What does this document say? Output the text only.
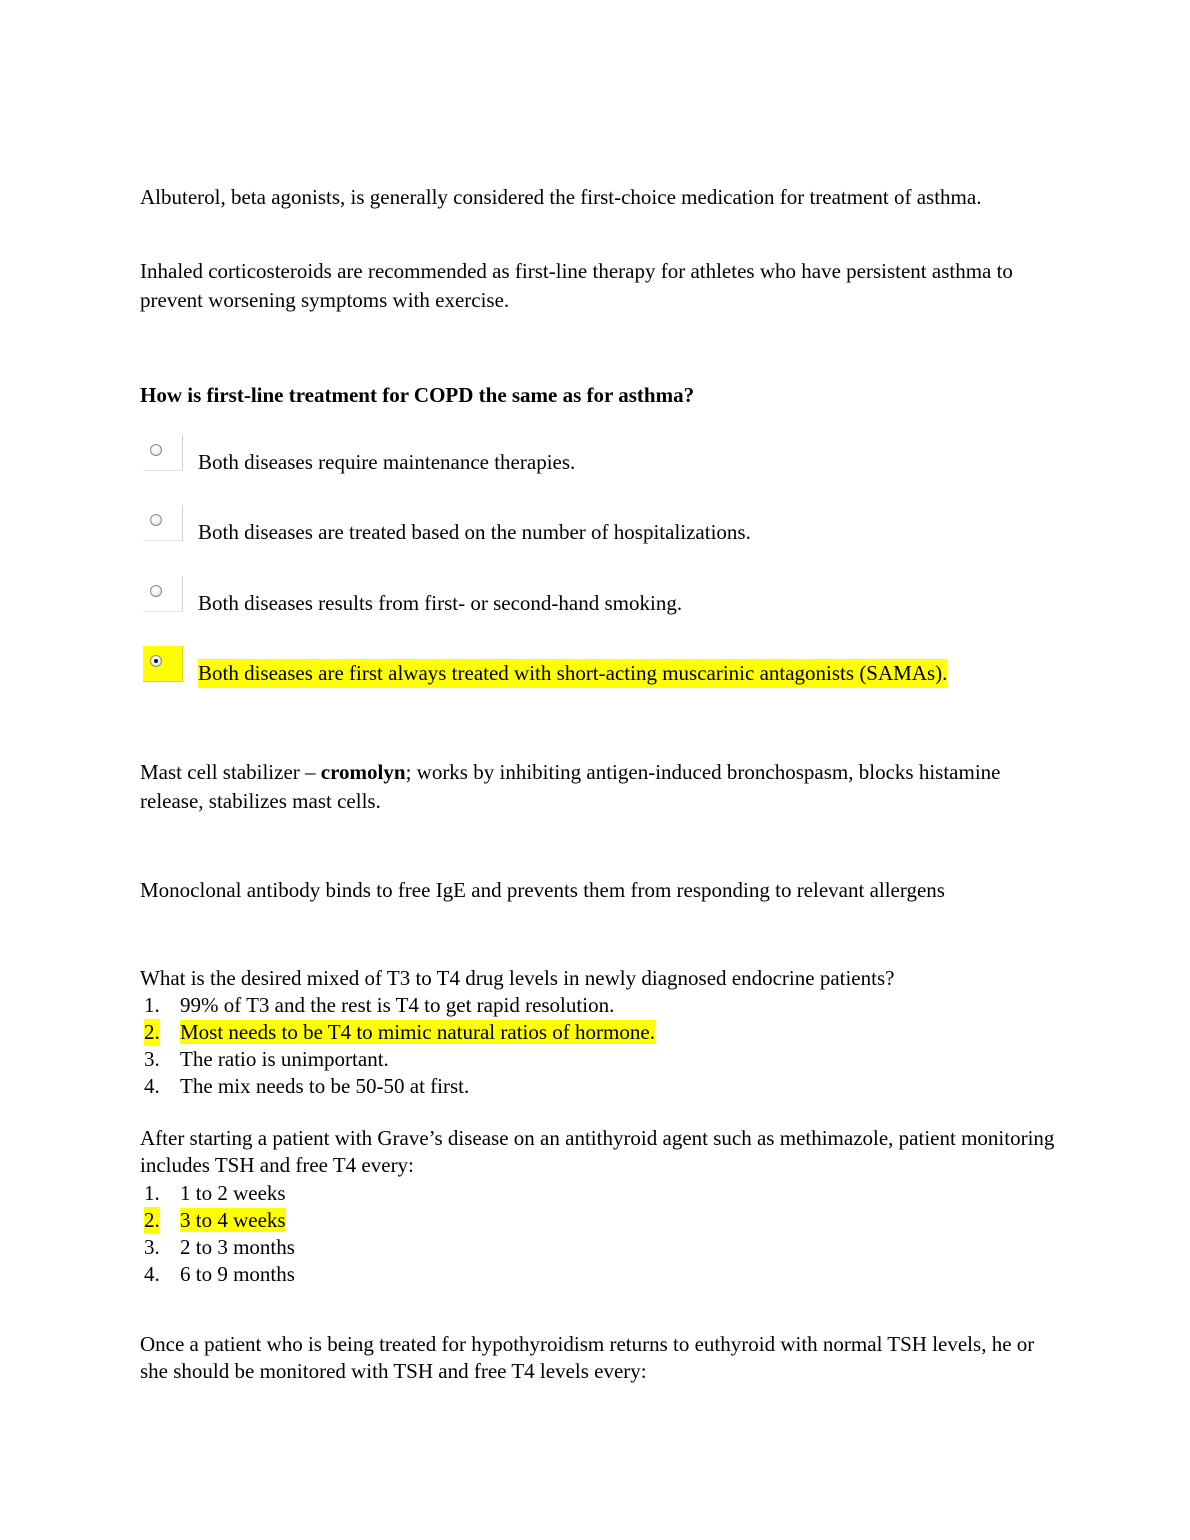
Albuterol, beta agonists, is generally considered the first-choice medication for treatment of asthma.

Inhaled corticosteroids are recommended as first-line therapy for athletes who have persistent asthma to prevent worsening symptoms with exercise.

How is first-line treatment for COPD the same as for asthma?

Both diseases require maintenance therapies.
Both diseases are treated based on the number of hospitalizations.
Both diseases results from first- or second-hand smoking.
Both diseases are first always treated with short-acting muscarinic antagonists (SAMAs).

Mast cell stabilizer – cromolyn; works by inhibiting antigen-induced bronchospasm, blocks histamine release, stabilizes mast cells.

Monoclonal antibody binds to free IgE and prevents them from responding to relevant allergens

What is the desired mixed of T3 to T4 drug levels in newly diagnosed endocrine patients?

1. 99% of T3 and the rest is T4 to get rapid resolution.
2. Most needs to be T4 to mimic natural ratios of hormone.
3. The ratio is unimportant.
4. The mix needs to be 50-50 at first.

After starting a patient with Grave’s disease on an antithyroid agent such as methimazole, patient monitoring includes TSH and free T4 every:

1. 1 to 2 weeks
2. 3 to 4 weeks
3. 2 to 3 months
4. 6 to 9 months

Once a patient who is being treated for hypothyroidism returns to euthyroid with normal TSH levels, he or she should be monitored with TSH and free T4 levels every:
